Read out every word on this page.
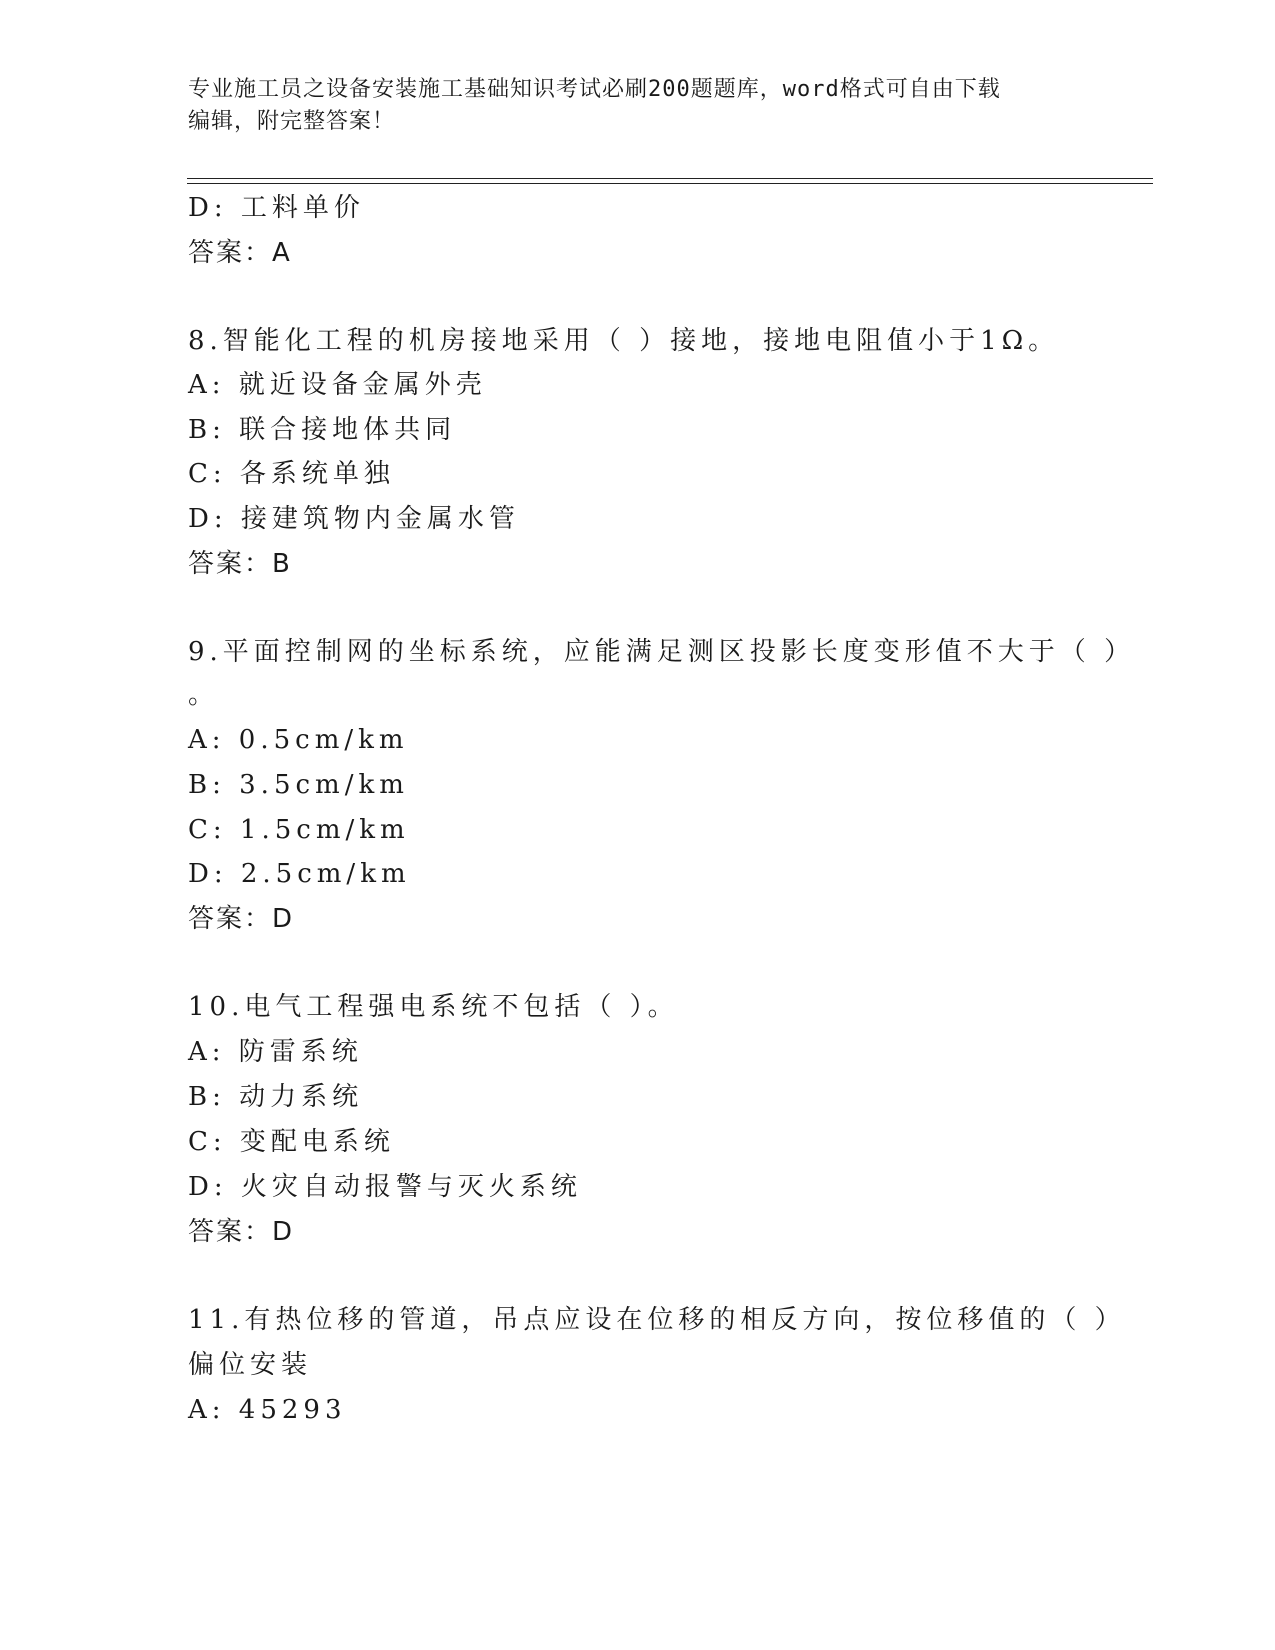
专业施工员之设备安装施工基础知识考试必刷200题题库，word格式可自由下载
编辑，附完整答案！
D: 工料单价
答案：A
8.智能化工程的机房接地采用（ ）接地，接地电阻值小于1Ω。
A: 就近设备金属外壳
B: 联合接地体共同
C: 各系统单独
D: 接建筑物内金属水管
答案：B
9.平面控制网的坐标系统，应能满足测区投影长度变形值不大于（ ）
。
A: 0.5cm/km
B: 3.5cm/km
C: 1.5cm/km
D: 2.5cm/km
答案：D
10.电气工程强电系统不包括（ ）。
A: 防雷系统
B: 动力系统
C: 变配电系统
D: 火灾自动报警与灭火系统
答案：D
11.有热位移的管道，吊点应设在位移的相反方向，按位移值的（ ）
偏位安装
A: 45293
